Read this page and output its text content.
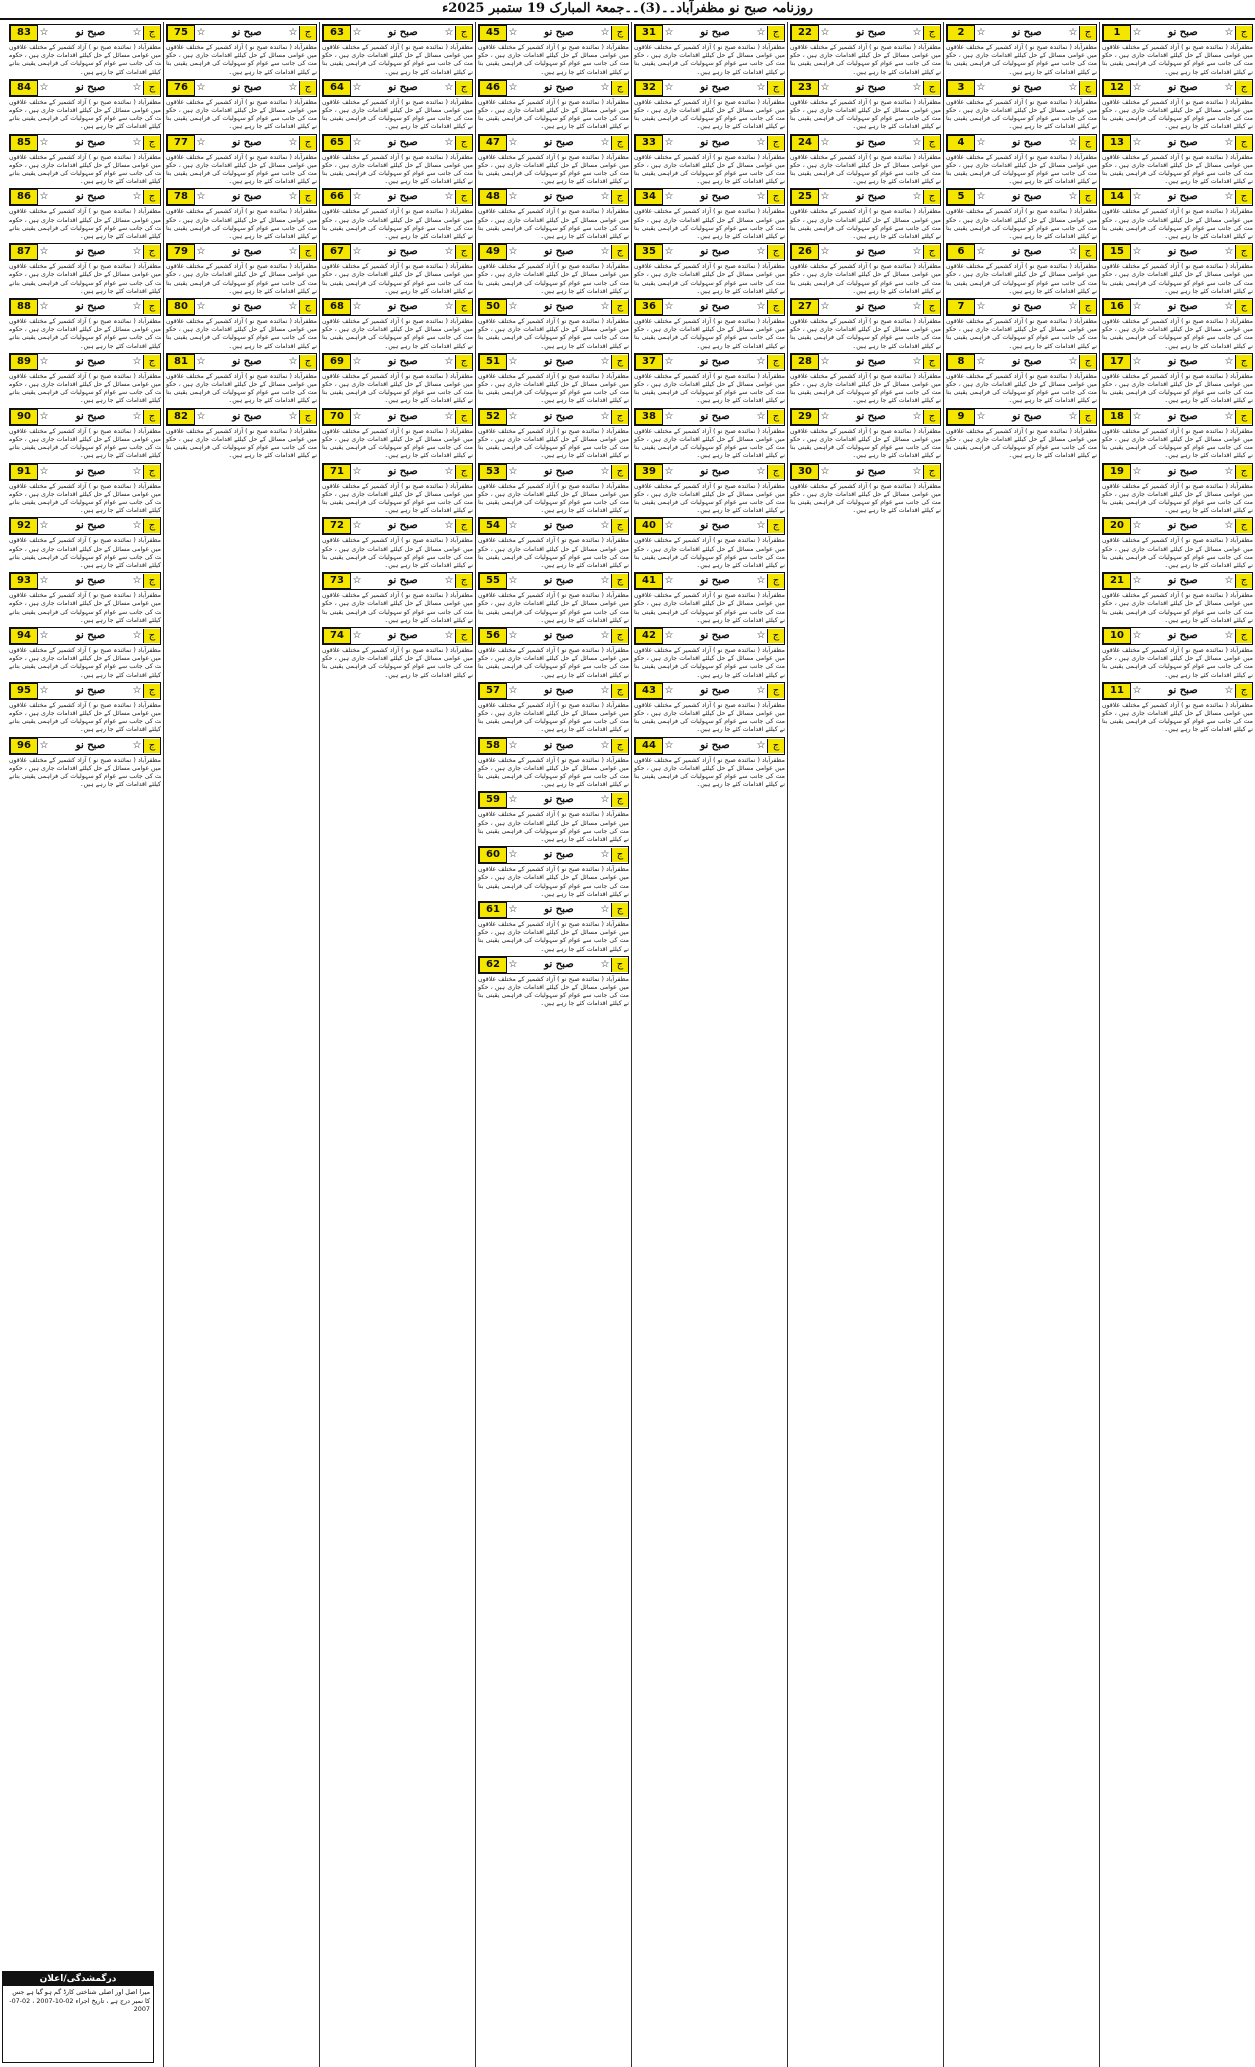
روزنامہ صبح نو مظفرآباد۔۔(3)۔۔جمعۃ المبارک 19 ستمبر 2025ء
ج
☆
صبح نو
☆
1
مظفرآباد ( نمائندہ صبح نو ) آزاد کشمیر کے مختلف علاقوں میں عوامی مسائل کے حل کیلئے اقدامات جاری ہیں ، حکومت کی جانب سے عوام کو سہولیات کی فراہمی یقینی بنانے کیلئے اقدامات کئے جا رہے ہیں۔
ج
☆
صبح نو
☆
12
مظفرآباد ( نمائندہ صبح نو ) آزاد کشمیر کے مختلف علاقوں میں عوامی مسائل کے حل کیلئے اقدامات جاری ہیں ، حکومت کی جانب سے عوام کو سہولیات کی فراہمی یقینی بنانے کیلئے اقدامات کئے جا رہے ہیں۔
ج
☆
صبح نو
☆
13
مظفرآباد ( نمائندہ صبح نو ) آزاد کشمیر کے مختلف علاقوں میں عوامی مسائل کے حل کیلئے اقدامات جاری ہیں ، حکومت کی جانب سے عوام کو سہولیات کی فراہمی یقینی بنانے کیلئے اقدامات کئے جا رہے ہیں۔
ج
☆
صبح نو
☆
14
مظفرآباد ( نمائندہ صبح نو ) آزاد کشمیر کے مختلف علاقوں میں عوامی مسائل کے حل کیلئے اقدامات جاری ہیں ، حکومت کی جانب سے عوام کو سہولیات کی فراہمی یقینی بنانے کیلئے اقدامات کئے جا رہے ہیں۔
ج
☆
صبح نو
☆
15
مظفرآباد ( نمائندہ صبح نو ) آزاد کشمیر کے مختلف علاقوں میں عوامی مسائل کے حل کیلئے اقدامات جاری ہیں ، حکومت کی جانب سے عوام کو سہولیات کی فراہمی یقینی بنانے کیلئے اقدامات کئے جا رہے ہیں۔
ج
☆
صبح نو
☆
16
مظفرآباد ( نمائندہ صبح نو ) آزاد کشمیر کے مختلف علاقوں میں عوامی مسائل کے حل کیلئے اقدامات جاری ہیں ، حکومت کی جانب سے عوام کو سہولیات کی فراہمی یقینی بنانے کیلئے اقدامات کئے جا رہے ہیں۔
ج
☆
صبح نو
☆
17
مظفرآباد ( نمائندہ صبح نو ) آزاد کشمیر کے مختلف علاقوں میں عوامی مسائل کے حل کیلئے اقدامات جاری ہیں ، حکومت کی جانب سے عوام کو سہولیات کی فراہمی یقینی بنانے کیلئے اقدامات کئے جا رہے ہیں۔
ج
☆
صبح نو
☆
18
مظفرآباد ( نمائندہ صبح نو ) آزاد کشمیر کے مختلف علاقوں میں عوامی مسائل کے حل کیلئے اقدامات جاری ہیں ، حکومت کی جانب سے عوام کو سہولیات کی فراہمی یقینی بنانے کیلئے اقدامات کئے جا رہے ہیں۔
ج
☆
صبح نو
☆
19
مظفرآباد ( نمائندہ صبح نو ) آزاد کشمیر کے مختلف علاقوں میں عوامی مسائل کے حل کیلئے اقدامات جاری ہیں ، حکومت کی جانب سے عوام کو سہولیات کی فراہمی یقینی بنانے کیلئے اقدامات کئے جا رہے ہیں۔
ج
☆
صبح نو
☆
20
مظفرآباد ( نمائندہ صبح نو ) آزاد کشمیر کے مختلف علاقوں میں عوامی مسائل کے حل کیلئے اقدامات جاری ہیں ، حکومت کی جانب سے عوام کو سہولیات کی فراہمی یقینی بنانے کیلئے اقدامات کئے جا رہے ہیں۔
ج
☆
صبح نو
☆
21
مظفرآباد ( نمائندہ صبح نو ) آزاد کشمیر کے مختلف علاقوں میں عوامی مسائل کے حل کیلئے اقدامات جاری ہیں ، حکومت کی جانب سے عوام کو سہولیات کی فراہمی یقینی بنانے کیلئے اقدامات کئے جا رہے ہیں۔
ج
☆
صبح نو
☆
10
مظفرآباد ( نمائندہ صبح نو ) آزاد کشمیر کے مختلف علاقوں میں عوامی مسائل کے حل کیلئے اقدامات جاری ہیں ، حکومت کی جانب سے عوام کو سہولیات کی فراہمی یقینی بنانے کیلئے اقدامات کئے جا رہے ہیں۔
ج
☆
صبح نو
☆
11
مظفرآباد ( نمائندہ صبح نو ) آزاد کشمیر کے مختلف علاقوں میں عوامی مسائل کے حل کیلئے اقدامات جاری ہیں ، حکومت کی جانب سے عوام کو سہولیات کی فراہمی یقینی بنانے کیلئے اقدامات کئے جا رہے ہیں۔
ج
☆
صبح نو
☆
2
مظفرآباد ( نمائندہ صبح نو ) آزاد کشمیر کے مختلف علاقوں میں عوامی مسائل کے حل کیلئے اقدامات جاری ہیں ، حکومت کی جانب سے عوام کو سہولیات کی فراہمی یقینی بنانے کیلئے اقدامات کئے جا رہے ہیں۔
ج
☆
صبح نو
☆
3
مظفرآباد ( نمائندہ صبح نو ) آزاد کشمیر کے مختلف علاقوں میں عوامی مسائل کے حل کیلئے اقدامات جاری ہیں ، حکومت کی جانب سے عوام کو سہولیات کی فراہمی یقینی بنانے کیلئے اقدامات کئے جا رہے ہیں۔
ج
☆
صبح نو
☆
4
مظفرآباد ( نمائندہ صبح نو ) آزاد کشمیر کے مختلف علاقوں میں عوامی مسائل کے حل کیلئے اقدامات جاری ہیں ، حکومت کی جانب سے عوام کو سہولیات کی فراہمی یقینی بنانے کیلئے اقدامات کئے جا رہے ہیں۔
ج
☆
صبح نو
☆
5
مظفرآباد ( نمائندہ صبح نو ) آزاد کشمیر کے مختلف علاقوں میں عوامی مسائل کے حل کیلئے اقدامات جاری ہیں ، حکومت کی جانب سے عوام کو سہولیات کی فراہمی یقینی بنانے کیلئے اقدامات کئے جا رہے ہیں۔
ج
☆
صبح نو
☆
6
مظفرآباد ( نمائندہ صبح نو ) آزاد کشمیر کے مختلف علاقوں میں عوامی مسائل کے حل کیلئے اقدامات جاری ہیں ، حکومت کی جانب سے عوام کو سہولیات کی فراہمی یقینی بنانے کیلئے اقدامات کئے جا رہے ہیں۔
ج
☆
صبح نو
☆
7
مظفرآباد ( نمائندہ صبح نو ) آزاد کشمیر کے مختلف علاقوں میں عوامی مسائل کے حل کیلئے اقدامات جاری ہیں ، حکومت کی جانب سے عوام کو سہولیات کی فراہمی یقینی بنانے کیلئے اقدامات کئے جا رہے ہیں۔
ج
☆
صبح نو
☆
8
مظفرآباد ( نمائندہ صبح نو ) آزاد کشمیر کے مختلف علاقوں میں عوامی مسائل کے حل کیلئے اقدامات جاری ہیں ، حکومت کی جانب سے عوام کو سہولیات کی فراہمی یقینی بنانے کیلئے اقدامات کئے جا رہے ہیں۔
ج
☆
صبح نو
☆
9
مظفرآباد ( نمائندہ صبح نو ) آزاد کشمیر کے مختلف علاقوں میں عوامی مسائل کے حل کیلئے اقدامات جاری ہیں ، حکومت کی جانب سے عوام کو سہولیات کی فراہمی یقینی بنانے کیلئے اقدامات کئے جا رہے ہیں۔
ج
☆
صبح نو
☆
22
مظفرآباد ( نمائندہ صبح نو ) آزاد کشمیر کے مختلف علاقوں میں عوامی مسائل کے حل کیلئے اقدامات جاری ہیں ، حکومت کی جانب سے عوام کو سہولیات کی فراہمی یقینی بنانے کیلئے اقدامات کئے جا رہے ہیں۔
ج
☆
صبح نو
☆
23
مظفرآباد ( نمائندہ صبح نو ) آزاد کشمیر کے مختلف علاقوں میں عوامی مسائل کے حل کیلئے اقدامات جاری ہیں ، حکومت کی جانب سے عوام کو سہولیات کی فراہمی یقینی بنانے کیلئے اقدامات کئے جا رہے ہیں۔
ج
☆
صبح نو
☆
24
مظفرآباد ( نمائندہ صبح نو ) آزاد کشمیر کے مختلف علاقوں میں عوامی مسائل کے حل کیلئے اقدامات جاری ہیں ، حکومت کی جانب سے عوام کو سہولیات کی فراہمی یقینی بنانے کیلئے اقدامات کئے جا رہے ہیں۔
ج
☆
صبح نو
☆
25
مظفرآباد ( نمائندہ صبح نو ) آزاد کشمیر کے مختلف علاقوں میں عوامی مسائل کے حل کیلئے اقدامات جاری ہیں ، حکومت کی جانب سے عوام کو سہولیات کی فراہمی یقینی بنانے کیلئے اقدامات کئے جا رہے ہیں۔
ج
☆
صبح نو
☆
26
مظفرآباد ( نمائندہ صبح نو ) آزاد کشمیر کے مختلف علاقوں میں عوامی مسائل کے حل کیلئے اقدامات جاری ہیں ، حکومت کی جانب سے عوام کو سہولیات کی فراہمی یقینی بنانے کیلئے اقدامات کئے جا رہے ہیں۔
ج
☆
صبح نو
☆
27
مظفرآباد ( نمائندہ صبح نو ) آزاد کشمیر کے مختلف علاقوں میں عوامی مسائل کے حل کیلئے اقدامات جاری ہیں ، حکومت کی جانب سے عوام کو سہولیات کی فراہمی یقینی بنانے کیلئے اقدامات کئے جا رہے ہیں۔
ج
☆
صبح نو
☆
28
مظفرآباد ( نمائندہ صبح نو ) آزاد کشمیر کے مختلف علاقوں میں عوامی مسائل کے حل کیلئے اقدامات جاری ہیں ، حکومت کی جانب سے عوام کو سہولیات کی فراہمی یقینی بنانے کیلئے اقدامات کئے جا رہے ہیں۔
ج
☆
صبح نو
☆
29
مظفرآباد ( نمائندہ صبح نو ) آزاد کشمیر کے مختلف علاقوں میں عوامی مسائل کے حل کیلئے اقدامات جاری ہیں ، حکومت کی جانب سے عوام کو سہولیات کی فراہمی یقینی بنانے کیلئے اقدامات کئے جا رہے ہیں۔
ج
☆
صبح نو
☆
30
مظفرآباد ( نمائندہ صبح نو ) آزاد کشمیر کے مختلف علاقوں میں عوامی مسائل کے حل کیلئے اقدامات جاری ہیں ، حکومت کی جانب سے عوام کو سہولیات کی فراہمی یقینی بنانے کیلئے اقدامات کئے جا رہے ہیں۔
ج
☆
صبح نو
☆
31
مظفرآباد ( نمائندہ صبح نو ) آزاد کشمیر کے مختلف علاقوں میں عوامی مسائل کے حل کیلئے اقدامات جاری ہیں ، حکومت کی جانب سے عوام کو سہولیات کی فراہمی یقینی بنانے کیلئے اقدامات کئے جا رہے ہیں۔
ج
☆
صبح نو
☆
32
مظفرآباد ( نمائندہ صبح نو ) آزاد کشمیر کے مختلف علاقوں میں عوامی مسائل کے حل کیلئے اقدامات جاری ہیں ، حکومت کی جانب سے عوام کو سہولیات کی فراہمی یقینی بنانے کیلئے اقدامات کئے جا رہے ہیں۔
ج
☆
صبح نو
☆
33
مظفرآباد ( نمائندہ صبح نو ) آزاد کشمیر کے مختلف علاقوں میں عوامی مسائل کے حل کیلئے اقدامات جاری ہیں ، حکومت کی جانب سے عوام کو سہولیات کی فراہمی یقینی بنانے کیلئے اقدامات کئے جا رہے ہیں۔
ج
☆
صبح نو
☆
34
مظفرآباد ( نمائندہ صبح نو ) آزاد کشمیر کے مختلف علاقوں میں عوامی مسائل کے حل کیلئے اقدامات جاری ہیں ، حکومت کی جانب سے عوام کو سہولیات کی فراہمی یقینی بنانے کیلئے اقدامات کئے جا رہے ہیں۔
ج
☆
صبح نو
☆
35
مظفرآباد ( نمائندہ صبح نو ) آزاد کشمیر کے مختلف علاقوں میں عوامی مسائل کے حل کیلئے اقدامات جاری ہیں ، حکومت کی جانب سے عوام کو سہولیات کی فراہمی یقینی بنانے کیلئے اقدامات کئے جا رہے ہیں۔
ج
☆
صبح نو
☆
36
مظفرآباد ( نمائندہ صبح نو ) آزاد کشمیر کے مختلف علاقوں میں عوامی مسائل کے حل کیلئے اقدامات جاری ہیں ، حکومت کی جانب سے عوام کو سہولیات کی فراہمی یقینی بنانے کیلئے اقدامات کئے جا رہے ہیں۔
ج
☆
صبح نو
☆
37
مظفرآباد ( نمائندہ صبح نو ) آزاد کشمیر کے مختلف علاقوں میں عوامی مسائل کے حل کیلئے اقدامات جاری ہیں ، حکومت کی جانب سے عوام کو سہولیات کی فراہمی یقینی بنانے کیلئے اقدامات کئے جا رہے ہیں۔
ج
☆
صبح نو
☆
38
مظفرآباد ( نمائندہ صبح نو ) آزاد کشمیر کے مختلف علاقوں میں عوامی مسائل کے حل کیلئے اقدامات جاری ہیں ، حکومت کی جانب سے عوام کو سہولیات کی فراہمی یقینی بنانے کیلئے اقدامات کئے جا رہے ہیں۔
ج
☆
صبح نو
☆
39
مظفرآباد ( نمائندہ صبح نو ) آزاد کشمیر کے مختلف علاقوں میں عوامی مسائل کے حل کیلئے اقدامات جاری ہیں ، حکومت کی جانب سے عوام کو سہولیات کی فراہمی یقینی بنانے کیلئے اقدامات کئے جا رہے ہیں۔
ج
☆
صبح نو
☆
40
مظفرآباد ( نمائندہ صبح نو ) آزاد کشمیر کے مختلف علاقوں میں عوامی مسائل کے حل کیلئے اقدامات جاری ہیں ، حکومت کی جانب سے عوام کو سہولیات کی فراہمی یقینی بنانے کیلئے اقدامات کئے جا رہے ہیں۔
ج
☆
صبح نو
☆
41
مظفرآباد ( نمائندہ صبح نو ) آزاد کشمیر کے مختلف علاقوں میں عوامی مسائل کے حل کیلئے اقدامات جاری ہیں ، حکومت کی جانب سے عوام کو سہولیات کی فراہمی یقینی بنانے کیلئے اقدامات کئے جا رہے ہیں۔
ج
☆
صبح نو
☆
42
مظفرآباد ( نمائندہ صبح نو ) آزاد کشمیر کے مختلف علاقوں میں عوامی مسائل کے حل کیلئے اقدامات جاری ہیں ، حکومت کی جانب سے عوام کو سہولیات کی فراہمی یقینی بنانے کیلئے اقدامات کئے جا رہے ہیں۔
ج
☆
صبح نو
☆
43
مظفرآباد ( نمائندہ صبح نو ) آزاد کشمیر کے مختلف علاقوں میں عوامی مسائل کے حل کیلئے اقدامات جاری ہیں ، حکومت کی جانب سے عوام کو سہولیات کی فراہمی یقینی بنانے کیلئے اقدامات کئے جا رہے ہیں۔
ج
☆
صبح نو
☆
44
مظفرآباد ( نمائندہ صبح نو ) آزاد کشمیر کے مختلف علاقوں میں عوامی مسائل کے حل کیلئے اقدامات جاری ہیں ، حکومت کی جانب سے عوام کو سہولیات کی فراہمی یقینی بنانے کیلئے اقدامات کئے جا رہے ہیں۔
ج
☆
صبح نو
☆
45
مظفرآباد ( نمائندہ صبح نو ) آزاد کشمیر کے مختلف علاقوں میں عوامی مسائل کے حل کیلئے اقدامات جاری ہیں ، حکومت کی جانب سے عوام کو سہولیات کی فراہمی یقینی بنانے کیلئے اقدامات کئے جا رہے ہیں۔
ج
☆
صبح نو
☆
46
مظفرآباد ( نمائندہ صبح نو ) آزاد کشمیر کے مختلف علاقوں میں عوامی مسائل کے حل کیلئے اقدامات جاری ہیں ، حکومت کی جانب سے عوام کو سہولیات کی فراہمی یقینی بنانے کیلئے اقدامات کئے جا رہے ہیں۔
ج
☆
صبح نو
☆
47
مظفرآباد ( نمائندہ صبح نو ) آزاد کشمیر کے مختلف علاقوں میں عوامی مسائل کے حل کیلئے اقدامات جاری ہیں ، حکومت کی جانب سے عوام کو سہولیات کی فراہمی یقینی بنانے کیلئے اقدامات کئے جا رہے ہیں۔
ج
☆
صبح نو
☆
48
مظفرآباد ( نمائندہ صبح نو ) آزاد کشمیر کے مختلف علاقوں میں عوامی مسائل کے حل کیلئے اقدامات جاری ہیں ، حکومت کی جانب سے عوام کو سہولیات کی فراہمی یقینی بنانے کیلئے اقدامات کئے جا رہے ہیں۔
ج
☆
صبح نو
☆
49
مظفرآباد ( نمائندہ صبح نو ) آزاد کشمیر کے مختلف علاقوں میں عوامی مسائل کے حل کیلئے اقدامات جاری ہیں ، حکومت کی جانب سے عوام کو سہولیات کی فراہمی یقینی بنانے کیلئے اقدامات کئے جا رہے ہیں۔
ج
☆
صبح نو
☆
50
مظفرآباد ( نمائندہ صبح نو ) آزاد کشمیر کے مختلف علاقوں میں عوامی مسائل کے حل کیلئے اقدامات جاری ہیں ، حکومت کی جانب سے عوام کو سہولیات کی فراہمی یقینی بنانے کیلئے اقدامات کئے جا رہے ہیں۔
ج
☆
صبح نو
☆
51
مظفرآباد ( نمائندہ صبح نو ) آزاد کشمیر کے مختلف علاقوں میں عوامی مسائل کے حل کیلئے اقدامات جاری ہیں ، حکومت کی جانب سے عوام کو سہولیات کی فراہمی یقینی بنانے کیلئے اقدامات کئے جا رہے ہیں۔
ج
☆
صبح نو
☆
52
مظفرآباد ( نمائندہ صبح نو ) آزاد کشمیر کے مختلف علاقوں میں عوامی مسائل کے حل کیلئے اقدامات جاری ہیں ، حکومت کی جانب سے عوام کو سہولیات کی فراہمی یقینی بنانے کیلئے اقدامات کئے جا رہے ہیں۔
ج
☆
صبح نو
☆
53
مظفرآباد ( نمائندہ صبح نو ) آزاد کشمیر کے مختلف علاقوں میں عوامی مسائل کے حل کیلئے اقدامات جاری ہیں ، حکومت کی جانب سے عوام کو سہولیات کی فراہمی یقینی بنانے کیلئے اقدامات کئے جا رہے ہیں۔
ج
☆
صبح نو
☆
54
مظفرآباد ( نمائندہ صبح نو ) آزاد کشمیر کے مختلف علاقوں میں عوامی مسائل کے حل کیلئے اقدامات جاری ہیں ، حکومت کی جانب سے عوام کو سہولیات کی فراہمی یقینی بنانے کیلئے اقدامات کئے جا رہے ہیں۔
ج
☆
صبح نو
☆
55
مظفرآباد ( نمائندہ صبح نو ) آزاد کشمیر کے مختلف علاقوں میں عوامی مسائل کے حل کیلئے اقدامات جاری ہیں ، حکومت کی جانب سے عوام کو سہولیات کی فراہمی یقینی بنانے کیلئے اقدامات کئے جا رہے ہیں۔
ج
☆
صبح نو
☆
56
مظفرآباد ( نمائندہ صبح نو ) آزاد کشمیر کے مختلف علاقوں میں عوامی مسائل کے حل کیلئے اقدامات جاری ہیں ، حکومت کی جانب سے عوام کو سہولیات کی فراہمی یقینی بنانے کیلئے اقدامات کئے جا رہے ہیں۔
ج
☆
صبح نو
☆
57
مظفرآباد ( نمائندہ صبح نو ) آزاد کشمیر کے مختلف علاقوں میں عوامی مسائل کے حل کیلئے اقدامات جاری ہیں ، حکومت کی جانب سے عوام کو سہولیات کی فراہمی یقینی بنانے کیلئے اقدامات کئے جا رہے ہیں۔
ج
☆
صبح نو
☆
58
مظفرآباد ( نمائندہ صبح نو ) آزاد کشمیر کے مختلف علاقوں میں عوامی مسائل کے حل کیلئے اقدامات جاری ہیں ، حکومت کی جانب سے عوام کو سہولیات کی فراہمی یقینی بنانے کیلئے اقدامات کئے جا رہے ہیں۔
ج
☆
صبح نو
☆
59
مظفرآباد ( نمائندہ صبح نو ) آزاد کشمیر کے مختلف علاقوں میں عوامی مسائل کے حل کیلئے اقدامات جاری ہیں ، حکومت کی جانب سے عوام کو سہولیات کی فراہمی یقینی بنانے کیلئے اقدامات کئے جا رہے ہیں۔
ج
☆
صبح نو
☆
60
مظفرآباد ( نمائندہ صبح نو ) آزاد کشمیر کے مختلف علاقوں میں عوامی مسائل کے حل کیلئے اقدامات جاری ہیں ، حکومت کی جانب سے عوام کو سہولیات کی فراہمی یقینی بنانے کیلئے اقدامات کئے جا رہے ہیں۔
ج
☆
صبح نو
☆
61
مظفرآباد ( نمائندہ صبح نو ) آزاد کشمیر کے مختلف علاقوں میں عوامی مسائل کے حل کیلئے اقدامات جاری ہیں ، حکومت کی جانب سے عوام کو سہولیات کی فراہمی یقینی بنانے کیلئے اقدامات کئے جا رہے ہیں۔
ج
☆
صبح نو
☆
62
مظفرآباد ( نمائندہ صبح نو ) آزاد کشمیر کے مختلف علاقوں میں عوامی مسائل کے حل کیلئے اقدامات جاری ہیں ، حکومت کی جانب سے عوام کو سہولیات کی فراہمی یقینی بنانے کیلئے اقدامات کئے جا رہے ہیں۔
ج
☆
صبح نو
☆
63
مظفرآباد ( نمائندہ صبح نو ) آزاد کشمیر کے مختلف علاقوں میں عوامی مسائل کے حل کیلئے اقدامات جاری ہیں ، حکومت کی جانب سے عوام کو سہولیات کی فراہمی یقینی بنانے کیلئے اقدامات کئے جا رہے ہیں۔
ج
☆
صبح نو
☆
64
مظفرآباد ( نمائندہ صبح نو ) آزاد کشمیر کے مختلف علاقوں میں عوامی مسائل کے حل کیلئے اقدامات جاری ہیں ، حکومت کی جانب سے عوام کو سہولیات کی فراہمی یقینی بنانے کیلئے اقدامات کئے جا رہے ہیں۔
ج
☆
صبح نو
☆
65
مظفرآباد ( نمائندہ صبح نو ) آزاد کشمیر کے مختلف علاقوں میں عوامی مسائل کے حل کیلئے اقدامات جاری ہیں ، حکومت کی جانب سے عوام کو سہولیات کی فراہمی یقینی بنانے کیلئے اقدامات کئے جا رہے ہیں۔
ج
☆
صبح نو
☆
66
مظفرآباد ( نمائندہ صبح نو ) آزاد کشمیر کے مختلف علاقوں میں عوامی مسائل کے حل کیلئے اقدامات جاری ہیں ، حکومت کی جانب سے عوام کو سہولیات کی فراہمی یقینی بنانے کیلئے اقدامات کئے جا رہے ہیں۔
ج
☆
صبح نو
☆
67
مظفرآباد ( نمائندہ صبح نو ) آزاد کشمیر کے مختلف علاقوں میں عوامی مسائل کے حل کیلئے اقدامات جاری ہیں ، حکومت کی جانب سے عوام کو سہولیات کی فراہمی یقینی بنانے کیلئے اقدامات کئے جا رہے ہیں۔
ج
☆
صبح نو
☆
68
مظفرآباد ( نمائندہ صبح نو ) آزاد کشمیر کے مختلف علاقوں میں عوامی مسائل کے حل کیلئے اقدامات جاری ہیں ، حکومت کی جانب سے عوام کو سہولیات کی فراہمی یقینی بنانے کیلئے اقدامات کئے جا رہے ہیں۔
ج
☆
صبح نو
☆
69
مظفرآباد ( نمائندہ صبح نو ) آزاد کشمیر کے مختلف علاقوں میں عوامی مسائل کے حل کیلئے اقدامات جاری ہیں ، حکومت کی جانب سے عوام کو سہولیات کی فراہمی یقینی بنانے کیلئے اقدامات کئے جا رہے ہیں۔
ج
☆
صبح نو
☆
70
مظفرآباد ( نمائندہ صبح نو ) آزاد کشمیر کے مختلف علاقوں میں عوامی مسائل کے حل کیلئے اقدامات جاری ہیں ، حکومت کی جانب سے عوام کو سہولیات کی فراہمی یقینی بنانے کیلئے اقدامات کئے جا رہے ہیں۔
ج
☆
صبح نو
☆
71
مظفرآباد ( نمائندہ صبح نو ) آزاد کشمیر کے مختلف علاقوں میں عوامی مسائل کے حل کیلئے اقدامات جاری ہیں ، حکومت کی جانب سے عوام کو سہولیات کی فراہمی یقینی بنانے کیلئے اقدامات کئے جا رہے ہیں۔
ج
☆
صبح نو
☆
72
مظفرآباد ( نمائندہ صبح نو ) آزاد کشمیر کے مختلف علاقوں میں عوامی مسائل کے حل کیلئے اقدامات جاری ہیں ، حکومت کی جانب سے عوام کو سہولیات کی فراہمی یقینی بنانے کیلئے اقدامات کئے جا رہے ہیں۔
ج
☆
صبح نو
☆
73
مظفرآباد ( نمائندہ صبح نو ) آزاد کشمیر کے مختلف علاقوں میں عوامی مسائل کے حل کیلئے اقدامات جاری ہیں ، حکومت کی جانب سے عوام کو سہولیات کی فراہمی یقینی بنانے کیلئے اقدامات کئے جا رہے ہیں۔
ج
☆
صبح نو
☆
74
مظفرآباد ( نمائندہ صبح نو ) آزاد کشمیر کے مختلف علاقوں میں عوامی مسائل کے حل کیلئے اقدامات جاری ہیں ، حکومت کی جانب سے عوام کو سہولیات کی فراہمی یقینی بنانے کیلئے اقدامات کئے جا رہے ہیں۔
ج
☆
صبح نو
☆
75
مظفرآباد ( نمائندہ صبح نو ) آزاد کشمیر کے مختلف علاقوں میں عوامی مسائل کے حل کیلئے اقدامات جاری ہیں ، حکومت کی جانب سے عوام کو سہولیات کی فراہمی یقینی بنانے کیلئے اقدامات کئے جا رہے ہیں۔
ج
☆
صبح نو
☆
76
مظفرآباد ( نمائندہ صبح نو ) آزاد کشمیر کے مختلف علاقوں میں عوامی مسائل کے حل کیلئے اقدامات جاری ہیں ، حکومت کی جانب سے عوام کو سہولیات کی فراہمی یقینی بنانے کیلئے اقدامات کئے جا رہے ہیں۔
ج
☆
صبح نو
☆
77
مظفرآباد ( نمائندہ صبح نو ) آزاد کشمیر کے مختلف علاقوں میں عوامی مسائل کے حل کیلئے اقدامات جاری ہیں ، حکومت کی جانب سے عوام کو سہولیات کی فراہمی یقینی بنانے کیلئے اقدامات کئے جا رہے ہیں۔
ج
☆
صبح نو
☆
78
مظفرآباد ( نمائندہ صبح نو ) آزاد کشمیر کے مختلف علاقوں میں عوامی مسائل کے حل کیلئے اقدامات جاری ہیں ، حکومت کی جانب سے عوام کو سہولیات کی فراہمی یقینی بنانے کیلئے اقدامات کئے جا رہے ہیں۔
ج
☆
صبح نو
☆
79
مظفرآباد ( نمائندہ صبح نو ) آزاد کشمیر کے مختلف علاقوں میں عوامی مسائل کے حل کیلئے اقدامات جاری ہیں ، حکومت کی جانب سے عوام کو سہولیات کی فراہمی یقینی بنانے کیلئے اقدامات کئے جا رہے ہیں۔
ج
☆
صبح نو
☆
80
مظفرآباد ( نمائندہ صبح نو ) آزاد کشمیر کے مختلف علاقوں میں عوامی مسائل کے حل کیلئے اقدامات جاری ہیں ، حکومت کی جانب سے عوام کو سہولیات کی فراہمی یقینی بنانے کیلئے اقدامات کئے جا رہے ہیں۔
ج
☆
صبح نو
☆
81
مظفرآباد ( نمائندہ صبح نو ) آزاد کشمیر کے مختلف علاقوں میں عوامی مسائل کے حل کیلئے اقدامات جاری ہیں ، حکومت کی جانب سے عوام کو سہولیات کی فراہمی یقینی بنانے کیلئے اقدامات کئے جا رہے ہیں۔
ج
☆
صبح نو
☆
82
مظفرآباد ( نمائندہ صبح نو ) آزاد کشمیر کے مختلف علاقوں میں عوامی مسائل کے حل کیلئے اقدامات جاری ہیں ، حکومت کی جانب سے عوام کو سہولیات کی فراہمی یقینی بنانے کیلئے اقدامات کئے جا رہے ہیں۔
ج
☆
صبح نو
☆
83
مظفرآباد ( نمائندہ صبح نو ) آزاد کشمیر کے مختلف علاقوں میں عوامی مسائل کے حل کیلئے اقدامات جاری ہیں ، حکومت کی جانب سے عوام کو سہولیات کی فراہمی یقینی بنانے کیلئے اقدامات کئے جا رہے ہیں۔
ج
☆
صبح نو
☆
84
مظفرآباد ( نمائندہ صبح نو ) آزاد کشمیر کے مختلف علاقوں میں عوامی مسائل کے حل کیلئے اقدامات جاری ہیں ، حکومت کی جانب سے عوام کو سہولیات کی فراہمی یقینی بنانے کیلئے اقدامات کئے جا رہے ہیں۔
ج
☆
صبح نو
☆
85
مظفرآباد ( نمائندہ صبح نو ) آزاد کشمیر کے مختلف علاقوں میں عوامی مسائل کے حل کیلئے اقدامات جاری ہیں ، حکومت کی جانب سے عوام کو سہولیات کی فراہمی یقینی بنانے کیلئے اقدامات کئے جا رہے ہیں۔
ج
☆
صبح نو
☆
86
مظفرآباد ( نمائندہ صبح نو ) آزاد کشمیر کے مختلف علاقوں میں عوامی مسائل کے حل کیلئے اقدامات جاری ہیں ، حکومت کی جانب سے عوام کو سہولیات کی فراہمی یقینی بنانے کیلئے اقدامات کئے جا رہے ہیں۔
ج
☆
صبح نو
☆
87
مظفرآباد ( نمائندہ صبح نو ) آزاد کشمیر کے مختلف علاقوں میں عوامی مسائل کے حل کیلئے اقدامات جاری ہیں ، حکومت کی جانب سے عوام کو سہولیات کی فراہمی یقینی بنانے کیلئے اقدامات کئے جا رہے ہیں۔
ج
☆
صبح نو
☆
88
مظفرآباد ( نمائندہ صبح نو ) آزاد کشمیر کے مختلف علاقوں میں عوامی مسائل کے حل کیلئے اقدامات جاری ہیں ، حکومت کی جانب سے عوام کو سہولیات کی فراہمی یقینی بنانے کیلئے اقدامات کئے جا رہے ہیں۔
ج
☆
صبح نو
☆
89
مظفرآباد ( نمائندہ صبح نو ) آزاد کشمیر کے مختلف علاقوں میں عوامی مسائل کے حل کیلئے اقدامات جاری ہیں ، حکومت کی جانب سے عوام کو سہولیات کی فراہمی یقینی بنانے کیلئے اقدامات کئے جا رہے ہیں۔
ج
☆
صبح نو
☆
90
مظفرآباد ( نمائندہ صبح نو ) آزاد کشمیر کے مختلف علاقوں میں عوامی مسائل کے حل کیلئے اقدامات جاری ہیں ، حکومت کی جانب سے عوام کو سہولیات کی فراہمی یقینی بنانے کیلئے اقدامات کئے جا رہے ہیں۔
ج
☆
صبح نو
☆
91
مظفرآباد ( نمائندہ صبح نو ) آزاد کشمیر کے مختلف علاقوں میں عوامی مسائل کے حل کیلئے اقدامات جاری ہیں ، حکومت کی جانب سے عوام کو سہولیات کی فراہمی یقینی بنانے کیلئے اقدامات کئے جا رہے ہیں۔
ج
☆
صبح نو
☆
92
مظفرآباد ( نمائندہ صبح نو ) آزاد کشمیر کے مختلف علاقوں میں عوامی مسائل کے حل کیلئے اقدامات جاری ہیں ، حکومت کی جانب سے عوام کو سہولیات کی فراہمی یقینی بنانے کیلئے اقدامات کئے جا رہے ہیں۔
ج
☆
صبح نو
☆
93
مظفرآباد ( نمائندہ صبح نو ) آزاد کشمیر کے مختلف علاقوں میں عوامی مسائل کے حل کیلئے اقدامات جاری ہیں ، حکومت کی جانب سے عوام کو سہولیات کی فراہمی یقینی بنانے کیلئے اقدامات کئے جا رہے ہیں۔
ج
☆
صبح نو
☆
94
مظفرآباد ( نمائندہ صبح نو ) آزاد کشمیر کے مختلف علاقوں میں عوامی مسائل کے حل کیلئے اقدامات جاری ہیں ، حکومت کی جانب سے عوام کو سہولیات کی فراہمی یقینی بنانے کیلئے اقدامات کئے جا رہے ہیں۔
ج
☆
صبح نو
☆
95
مظفرآباد ( نمائندہ صبح نو ) آزاد کشمیر کے مختلف علاقوں میں عوامی مسائل کے حل کیلئے اقدامات جاری ہیں ، حکومت کی جانب سے عوام کو سہولیات کی فراہمی یقینی بنانے کیلئے اقدامات کئے جا رہے ہیں۔
ج
☆
صبح نو
☆
96
مظفرآباد ( نمائندہ صبح نو ) آزاد کشمیر کے مختلف علاقوں میں عوامی مسائل کے حل کیلئے اقدامات جاری ہیں ، حکومت کی جانب سے عوام کو سہولیات کی فراہمی یقینی بنانے کیلئے اقدامات کئے جا رہے ہیں۔
درگمشدگی/اعلان
میرا اصل اور اصلی شناختی کارڈ گم ہو گیا ہے جس کا نمبر درج ہے ، تاریخ اجراء 02-10-2007 ، 02-07-2007
